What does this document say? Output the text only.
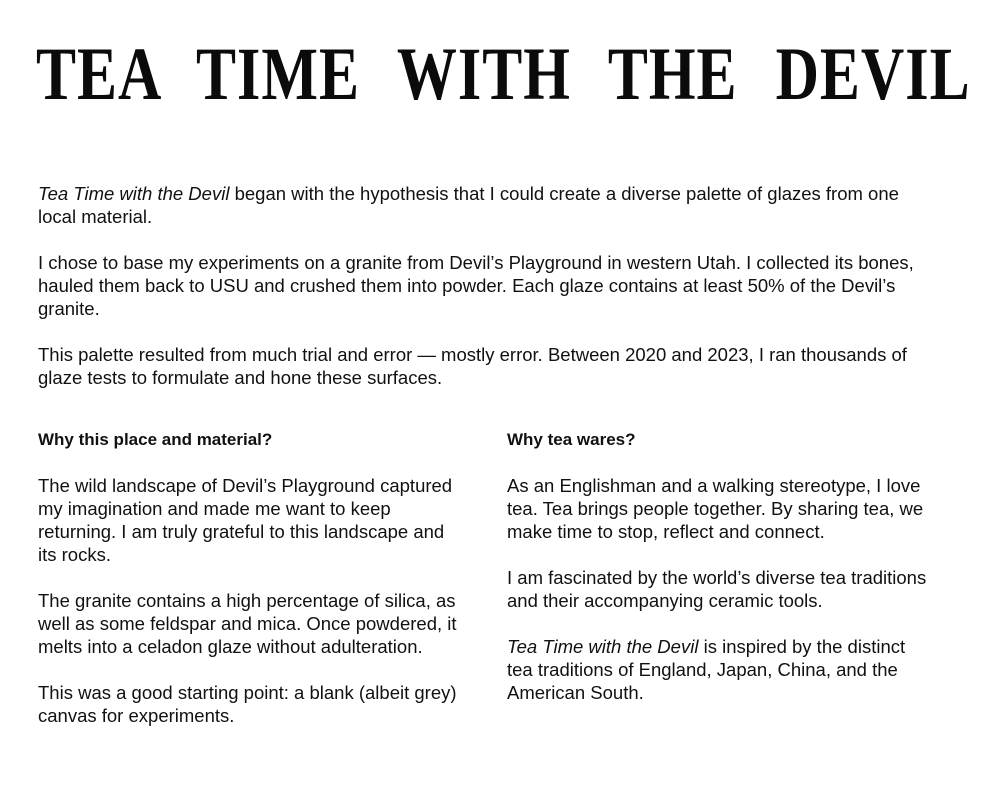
TEA TIME WITH THE DEVIL

Tea Time with the Devil began with the hypothesis that I could create a diverse palette of glazes from one local material.

I chose to base my experiments on a granite from Devil’s Playground in western Utah. I collected its bones, hauled them back to USU and crushed them into powder. Each glaze contains at least 50% of the Devil’s granite.

This palette resulted from much trial and error — mostly error. Between 2020 and 2023, I ran thousands of glaze tests to formulate and hone these surfaces.

Why this place and material?

The wild landscape of Devil’s Playground captured my imagination and made me want to keep returning. I am truly grateful to this landscape and its rocks.

The granite contains a high percentage of silica, as well as some feldspar and mica. Once powdered, it melts into a celadon glaze without adulteration.

This was a good starting point: a blank (albeit grey) canvas for experiments.

Why tea wares?

As an Englishman and a walking stereotype, I love tea. Tea brings people together. By sharing tea, we make time to stop, reflect and connect.

I am fascinated by the world’s diverse tea traditions and their accompanying ceramic tools.

Tea Time with the Devil is inspired by the distinct tea traditions of England, Japan, China, and the American South.
